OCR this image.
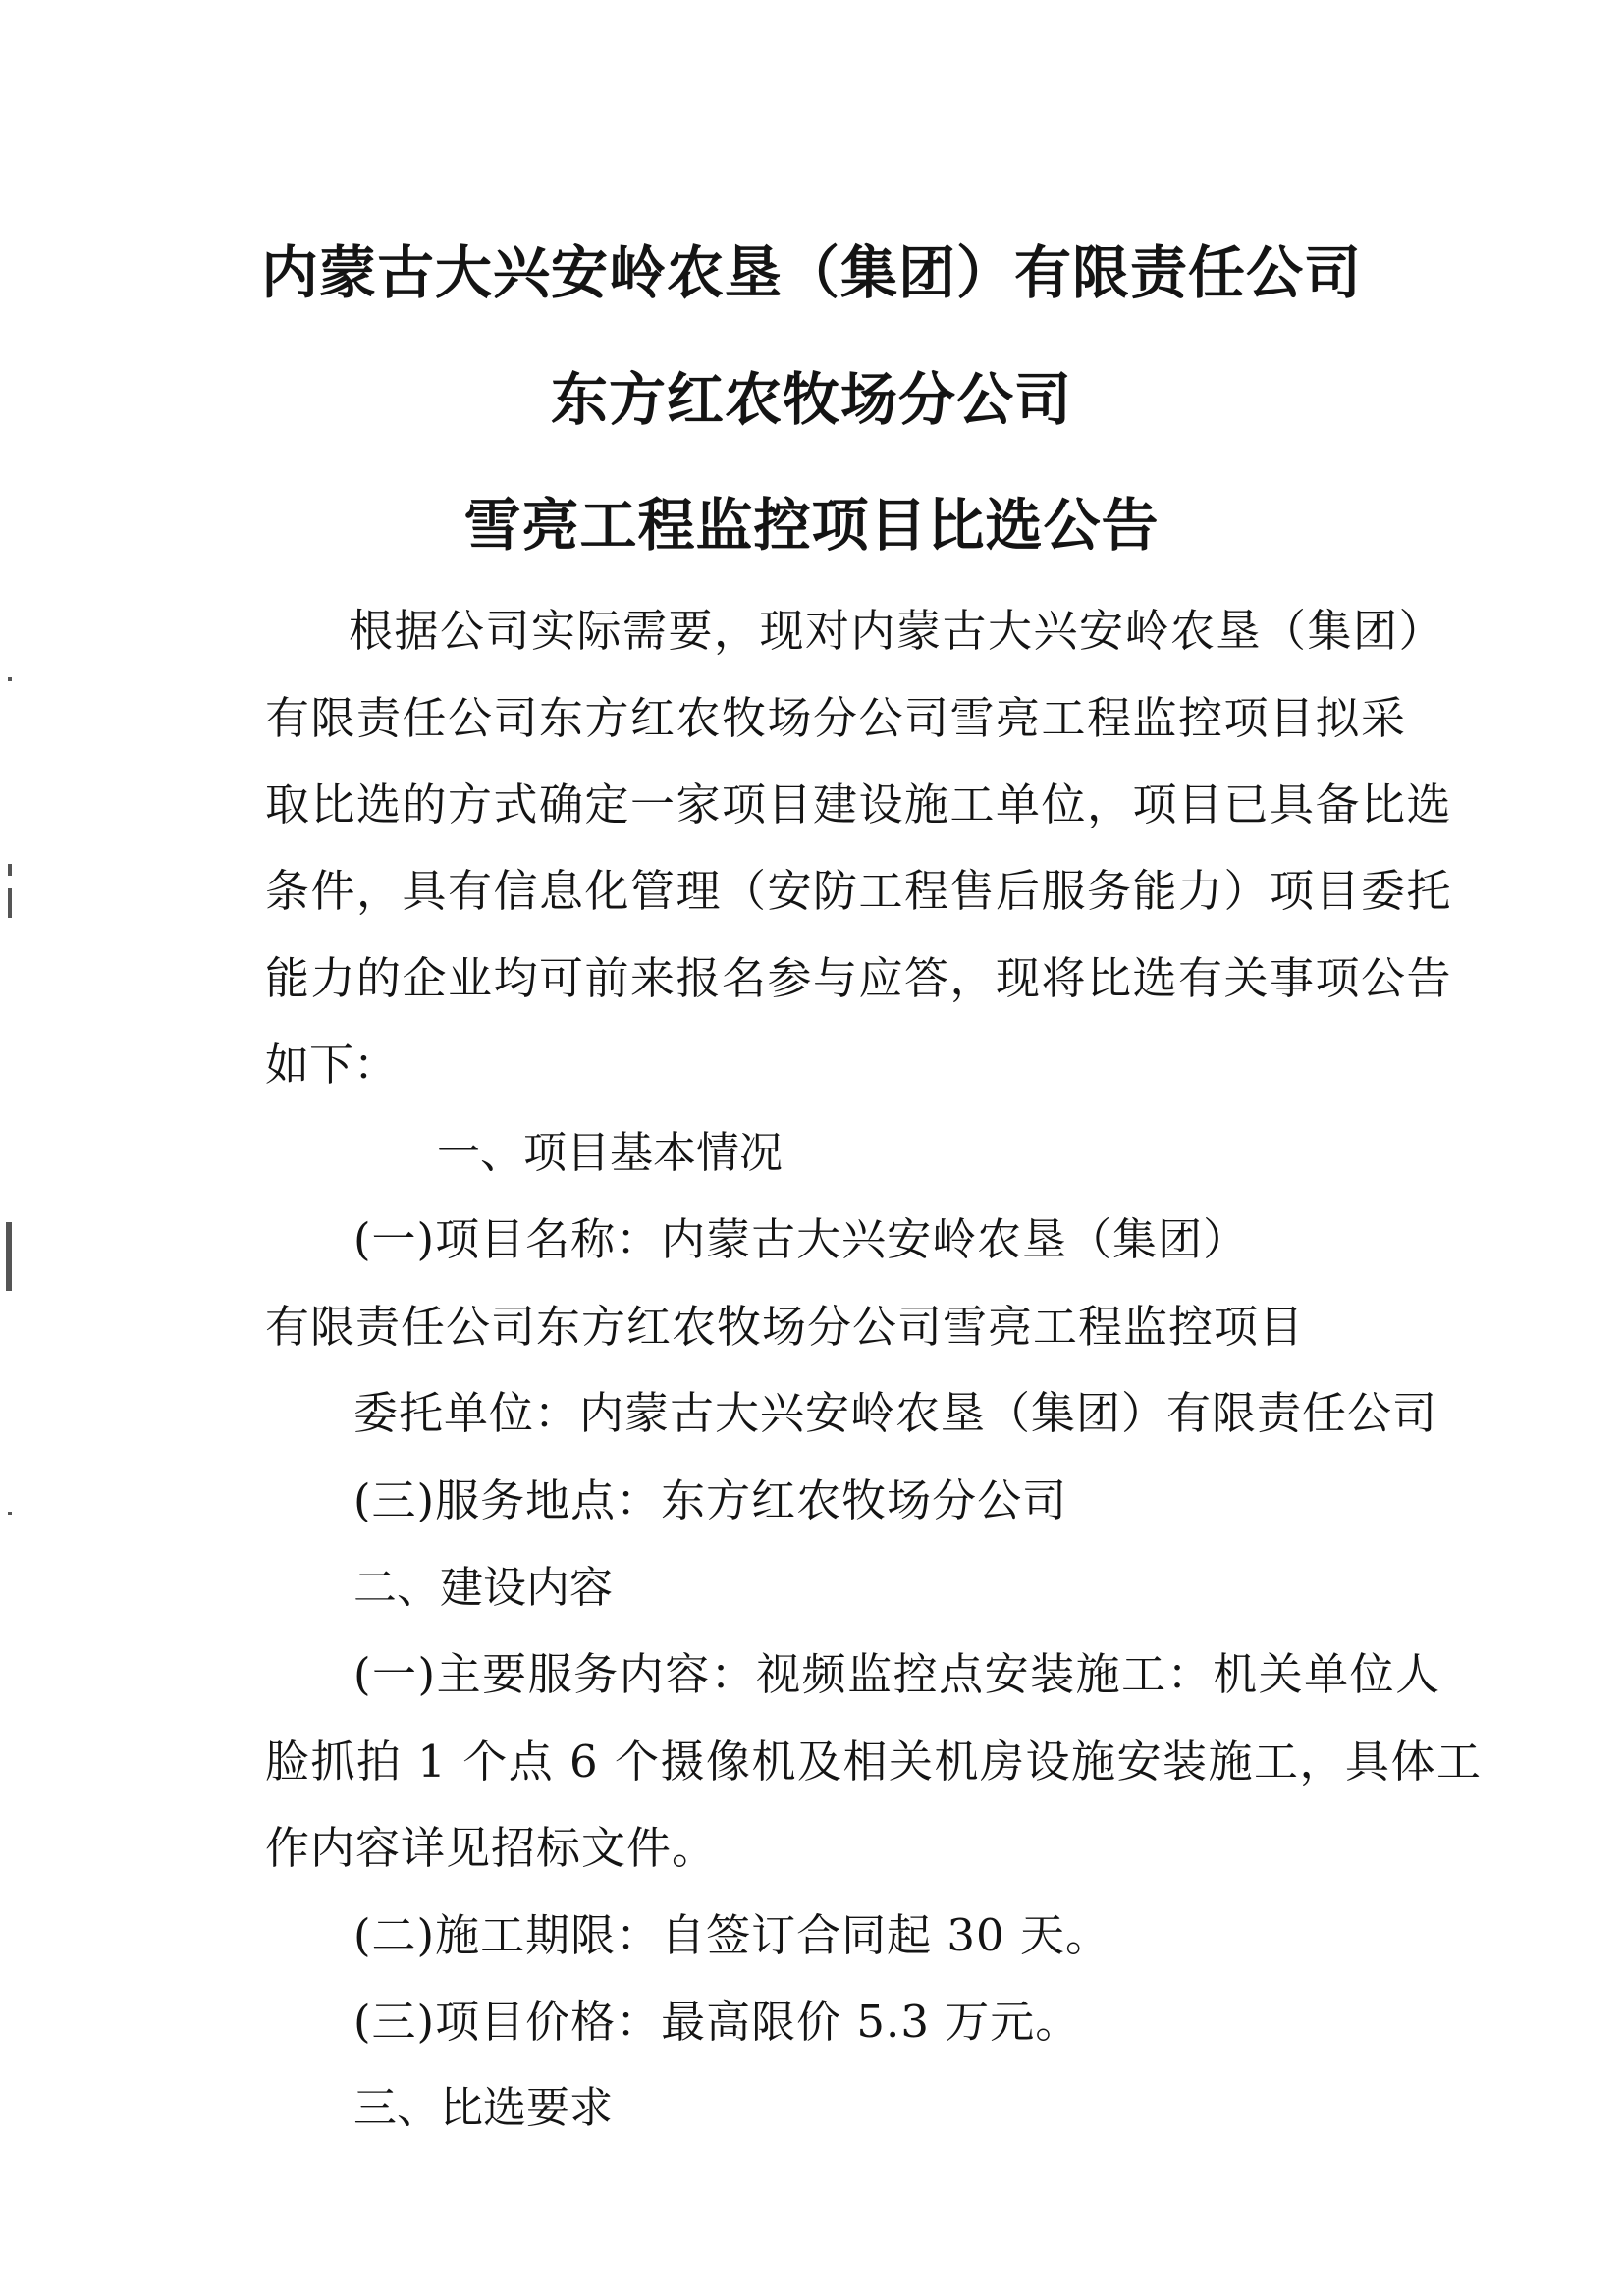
内蒙古大兴安岭农垦（集团）有限责任公司
东方红农牧场分公司
雪亮工程监控项目比选公告
根据公司实际需要，现对内蒙古大兴安岭农垦（集团）
有限责任公司东方红农牧场分公司雪亮工程监控项目拟采
取比选的方式确定一家项目建设施工单位，项目已具备比选
条件，具有信息化管理（安防工程售后服务能力）项目委托
能力的企业均可前来报名参与应答，现将比选有关事项公告
如下：
一、项目基本情况
(一)项目名称：内蒙古大兴安岭农垦（集团）
有限责任公司东方红农牧场分公司雪亮工程监控项目
委托单位：内蒙古大兴安岭农垦（集团）有限责任公司
(三)服务地点：东方红农牧场分公司
二、建设内容
(一)主要服务内容：视频监控点安装施工：机关单位人
脸抓拍 1 个点 6 个摄像机及相关机房设施安装施工，具体工
作内容详见招标文件。
(二)施工期限：自签订合同起 30 天。
(三)项目价格：最高限价 5.3 万元。
三、比选要求
